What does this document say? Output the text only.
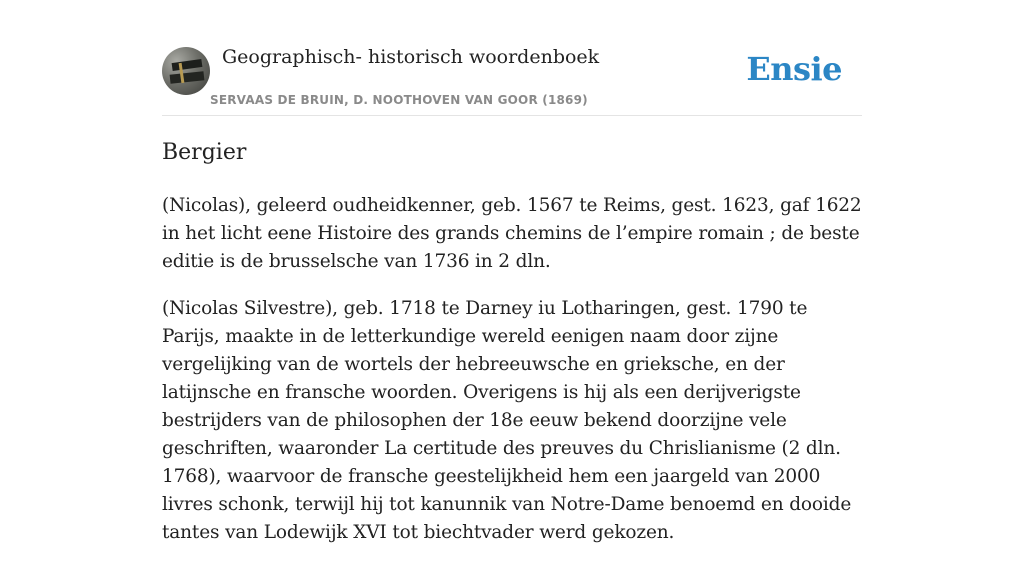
Geographisch- historisch woordenboek
SERVAAS DE BRUIN, D. NOOTHOVEN VAN GOOR (1869)
Ensie
Bergier

(Nicolas), geleerd oudheidkenner, geb. 1567 te Reims, gest. 1623, gaf 1622 in het licht eene Histoire des grands chemins de l’empire romain ; de beste editie is de brusselsche van 1736 in 2 dln.

(Nicolas Silvestre), geb. 1718 te Darney iu Lotharingen, gest. 1790 te Parijs, maakte in de letterkundige wereld eenigen naam door zijne vergelijking van de wortels der hebreeuwsche en grieksche, en der latijnsche en fransche woorden. Overigens is hij als een derijverigste bestrijders van de philosophen der 18e eeuw bekend doorzijne vele geschriften, waaronder La certitude des preuves du Chrislianisme (2 dln. 1768), waarvoor de fransche geestelijkheid hem een jaargeld van 2000 livres schonk, terwijl hij tot kanunnik van Notre-Dame benoemd en dooide tantes van Lodewijk XVI tot biechtvader werd gekozen.
